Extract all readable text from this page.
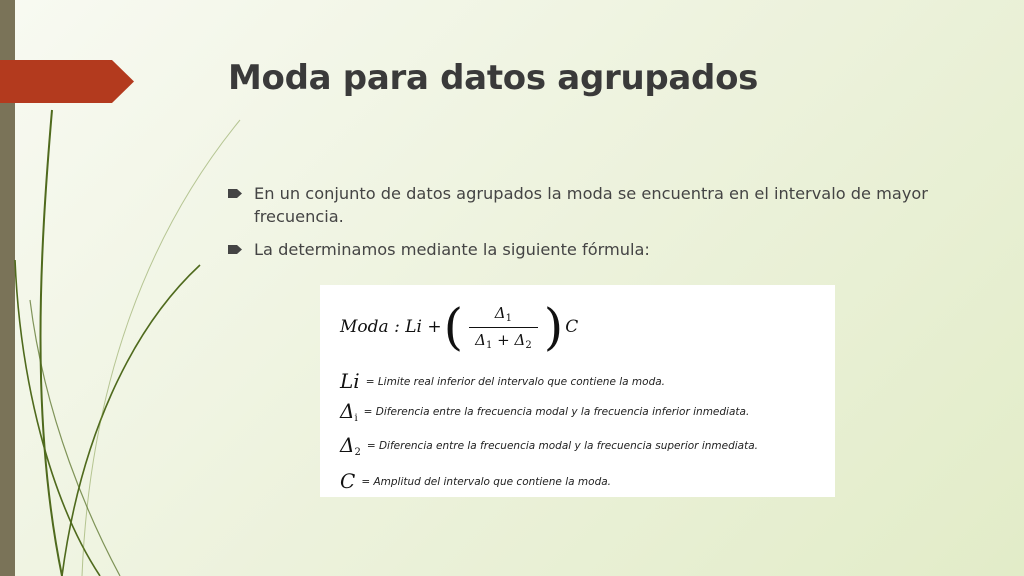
Moda para datos agrupados
En un conjunto de datos agrupados la moda se encuentra en el intervalo de mayor frecuencia.
La determinamos mediante la siguiente fórmula:
Moda :
Li
+ ( $\frac{\Delta_1}{\Delta_1 + \Delta_2}$ ) C
Li = Limite real inferior del intervalo que contiene la moda.
$\Delta_i$
= Diferencia entre la frecuencia modal y la frecuencia inferior inmediata.
$\Delta_2$
= Diferencia entre la frecuencia modal y la frecuencia superior inmediata.
C = Amplitud del intervalo que contiene la moda.
